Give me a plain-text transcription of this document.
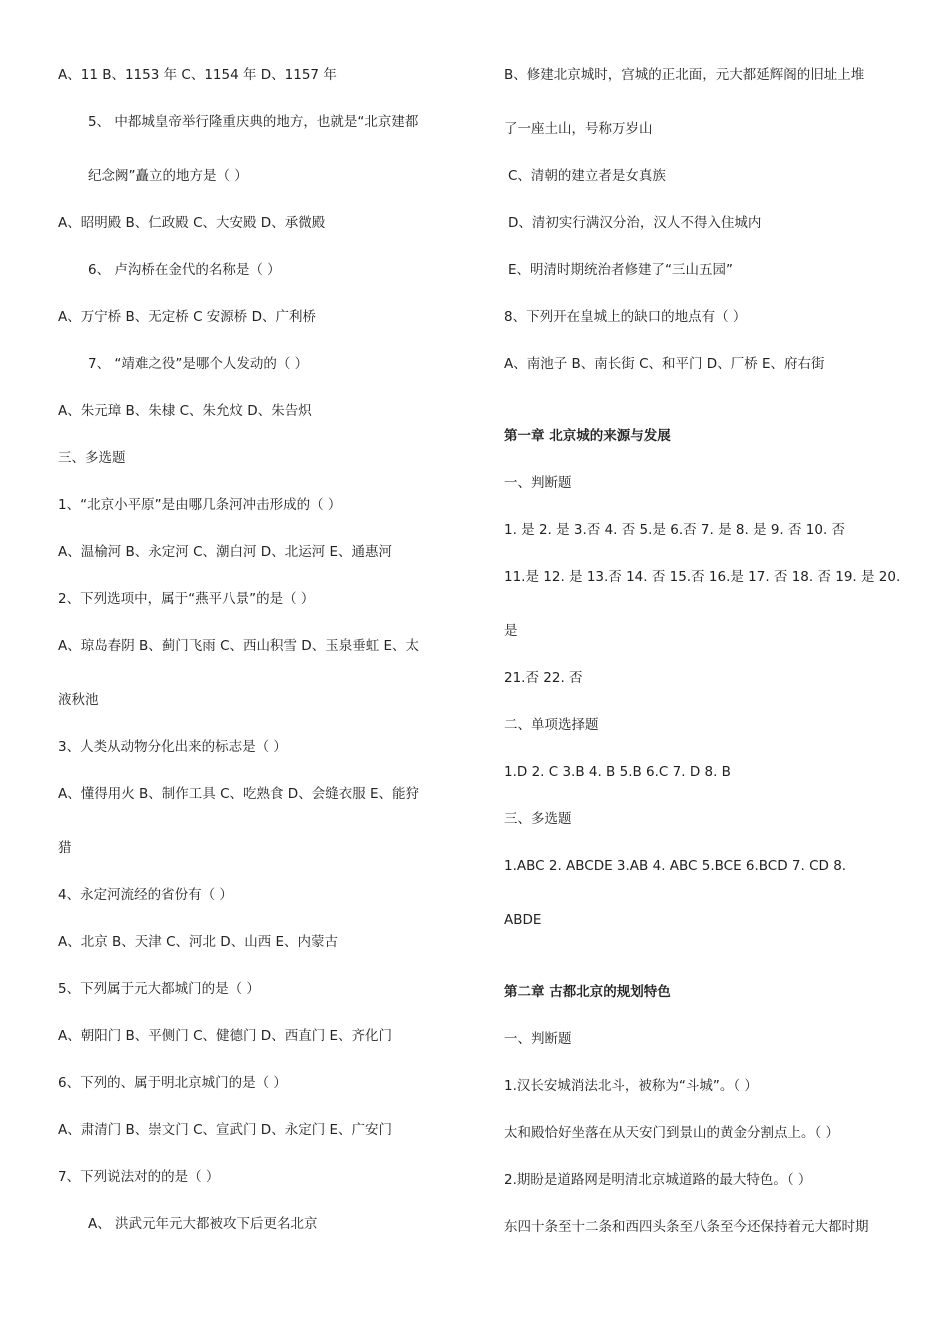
A、11 B、1153 年 C、1154 年 D、1157 年
5、 中都城皇帝举行隆重庆典的地方，也就是“北京建都
纪念阙”矗立的地方是（ ）
A、昭明殿 B、仁政殿 C、大安殿 D、承微殿
6、 卢沟桥在金代的名称是（ ）
A、万宁桥 B、无定桥 C 安源桥 D、广利桥
7、 “靖难之役”是哪个人发动的（ ）
A、朱元璋 B、朱棣 C、朱允炆 D、朱告炽
三、多选题
1、“北京小平原”是由哪几条河冲击形成的（ ）
A、温榆河 B、永定河 C、潮白河 D、北运河 E、通惠河
2、下列选项中，属于“燕平八景”的是（ ）
A、琼岛春阴 B、蓟门飞雨 C、西山积雪 D、玉泉垂虹 E、太
液秋池
3、人类从动物分化出来的标志是（ ）
A、懂得用火 B、制作工具 C、吃熟食 D、会缝衣服 E、能狩
猎
4、永定河流经的省份有（ ）
A、北京 B、天津 C、河北 D、山西 E、内蒙古
5、下列属于元大都城门的是（ ）
A、朝阳门 B、平侧门 C、健德门 D、西直门 E、齐化门
6、下列的、属于明北京城门的是（ ）
A、肃清门 B、崇文门 C、宣武门 D、永定门 E、广安门
7、下列说法对的的是（ ）
A、 洪武元年元大都被攻下后更名北京
B、修建北京城时，宫城的正北面，元大都延辉阁的旧址上堆
了一座土山，号称万岁山
C、清朝的建立者是女真族
D、清初实行满汉分治，汉人不得入住城内
E、明清时期统治者修建了“三山五园”
8、下列开在皇城上的缺口的地点有（ ）
A、南池子 B、南长街 C、和平门 D、厂桥 E、府右街
第一章 北京城的来源与发展
一、判断题
1. 是 2. 是 3.否 4. 否 5.是 6.否 7. 是 8. 是 9. 否 10. 否
11.是 12. 是 13.否 14. 否 15.否 16.是 17. 否 18. 否 19. 是 20.
是
21.否 22. 否
二、单项选择题
1.D 2. C 3.B 4. B 5.B 6.C 7. D 8. B
三、多选题
1.ABC 2. ABCDE 3.AB 4. ABC 5.BCE 6.BCD 7. CD 8.
ABDE
第二章 古都北京的规划特色
一、判断题
1.汉长安城消法北斗，被称为“斗城”。（ ）
太和殿恰好坐落在从天安门到景山的黄金分割点上。（ ）
2.期盼是道路网是明清北京城道路的最大特色。（ ）
东四十条至十二条和西四头条至八条至今还保持着元大都时期
